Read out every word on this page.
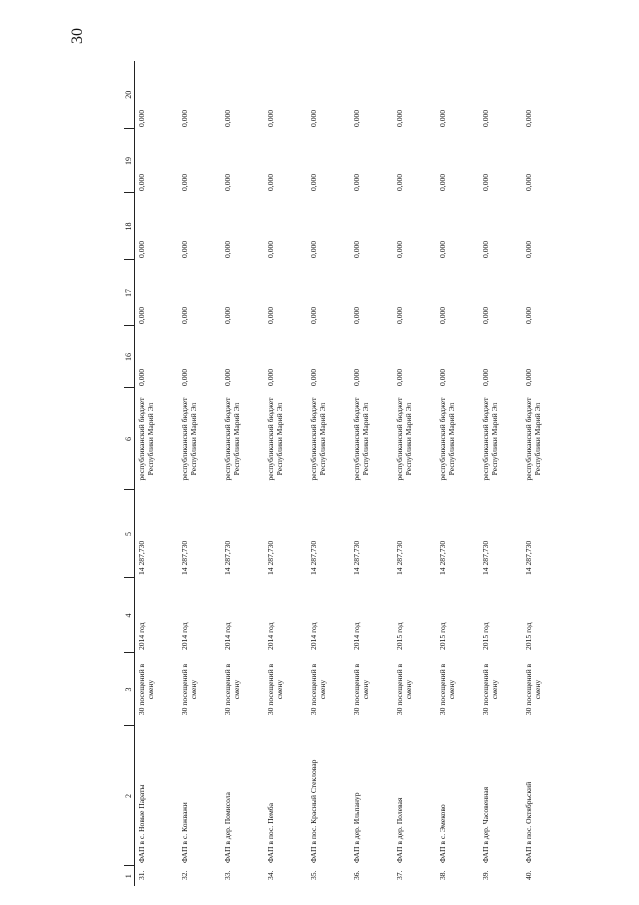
30
1	2	3	4	5	6	16	17	18	19	20
31.	ФАП в с. Новые Параты	30 посещений в смену	2014 год	14 287,730	республиканский бюджет Республики Марий Эл	0,000	0,000	0,000	0,000	0,000
32.	ФАП в с. Кожважи	30 посещений в смену	2014 год	14 287,730	республиканский бюджет Республики Марий Эл	0,000	0,000	0,000	0,000	0,000
33.	ФАП в дер. Помисола	30 посещений в смену	2014 год	14 287,730	республиканский бюджет Республики Марий Эл	0,000	0,000	0,000	0,000	0,000
34.	ФАП в пос. Пемба	30 посещений в смену	2014 год	14 287,730	республиканский бюджет Республики Марий Эл	0,000	0,000	0,000	0,000	0,000
35.	ФАП в пос. Красный Стекловар	30 посещений в смену	2014 год	14 287,730	республиканский бюджет Республики Марий Эл	0,000	0,000	0,000	0,000	0,000
36.	ФАП в дер. Ильпанур	30 посещений в смену	2014 год	14 287,730	республиканский бюджет Республики Марий Эл	0,000	0,000	0,000	0,000	0,000
37.	ФАП в дер. Полевая	30 посещений в смену	2015 год	14 287,730	республиканский бюджет Республики Марий Эл	0,000	0,000	0,000	0,000	0,000
38.	ФАП в с. Эмеково	30 посещений в смену	2015 год	14 287,730	республиканский бюджет Республики Марий Эл	0,000	0,000	0,000	0,000	0,000
39.	ФАП в дер. Часовенная	30 посещений в смену	2015 год	14 287,730	республиканский бюджет Республики Марий Эл	0,000	0,000	0,000	0,000	0,000
40.	ФАП в пос. Октябрьский	30 посещений в смену	2015 год	14 287,730	республиканский бюджет Республики Марий Эл	0,000	0,000	0,000	0,000	0,000
